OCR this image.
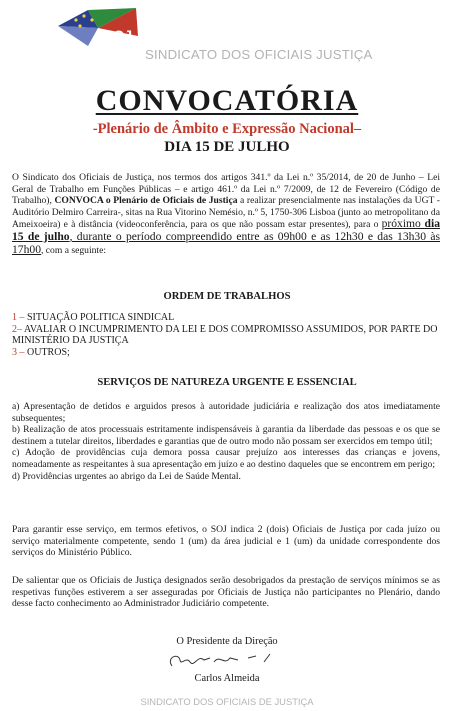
SOJ
SINDICATO DOS OFICIAIS JUSTIÇA
CONVOCATÓRIA
-Plenário de Âmbito e Expressão Nacional–
DIA 15 DE JULHO
O Sindicato dos Oficiais de Justiça, nos termos dos artigos 341.º da Lei n.º 35/2014, de 20 de Junho – Lei Geral de Trabalho em Funções Públicas – e artigo 461.º da Lei n.º 7/2009, de 12 de Fevereiro (Código de Trabalho), CONVOCA o Plenário de Oficiais de Justiça a realizar presencialmente nas instalações da UGT -Auditório Delmiro Carreira-, sitas na Rua Vitorino Nemésio, n.º 5, 1750-306 Lisboa (junto ao metropolitano da Ameixoeira) e à distância (videoconferência, para os que não possam estar presentes), para o próximo dia 15 de julho, durante o período compreendido entre as 09h00 e as 12h30 e das 13h30 às 17h00, com a seguinte:
ORDEM DE TRABALHOS
1 – SITUAÇÃO POLITICA SINDICAL
2– AVALIAR O INCUMPRIMENTO DA LEI E DOS COMPROMISSO ASSUMIDOS, POR PARTE DO MINISTÉRIO DA JUSTIÇA
3 – OUTROS;
SERVIÇOS DE NATUREZA URGENTE E ESSENCIAL

a) Apresentação de detidos e arguidos presos à autoridade judiciária e realização dos atos imediatamente subsequentes;

b) Realização de atos processuais estritamente indispensáveis à garantia da liberdade das pessoas e os que se destinem a tutelar direitos, liberdades e garantias que de outro modo não possam ser exercidos em tempo útil;

c) Adoção de providências cuja demora possa causar prejuízo aos interesses das crianças e jovens, nomeadamente as respeitantes à sua apresentação em juízo e ao destino daqueles que se encontrem em perigo;

d) Providências urgentes ao abrigo da Lei de Saúde Mental.

Para garantir esse serviço, em termos efetivos, o SOJ indica 2 (dois) Oficiais de Justiça por cada juízo ou serviço materialmente competente, sendo 1 (um) da área judicial e 1 (um) da unidade correspondente dos serviços do Ministério Público.
De salientar que os Oficiais de Justiça designados serão desobrigados da prestação de serviços mínimos se as respetivas funções estiverem a ser asseguradas por Oficiais de Justiça não participantes no Plenário, dando desse facto conhecimento ao Administrador Judiciário competente.
O Presidente da Direção
Carlos Almeida
SINDICATO DOS OFICIAIS DE JUSTIÇA
